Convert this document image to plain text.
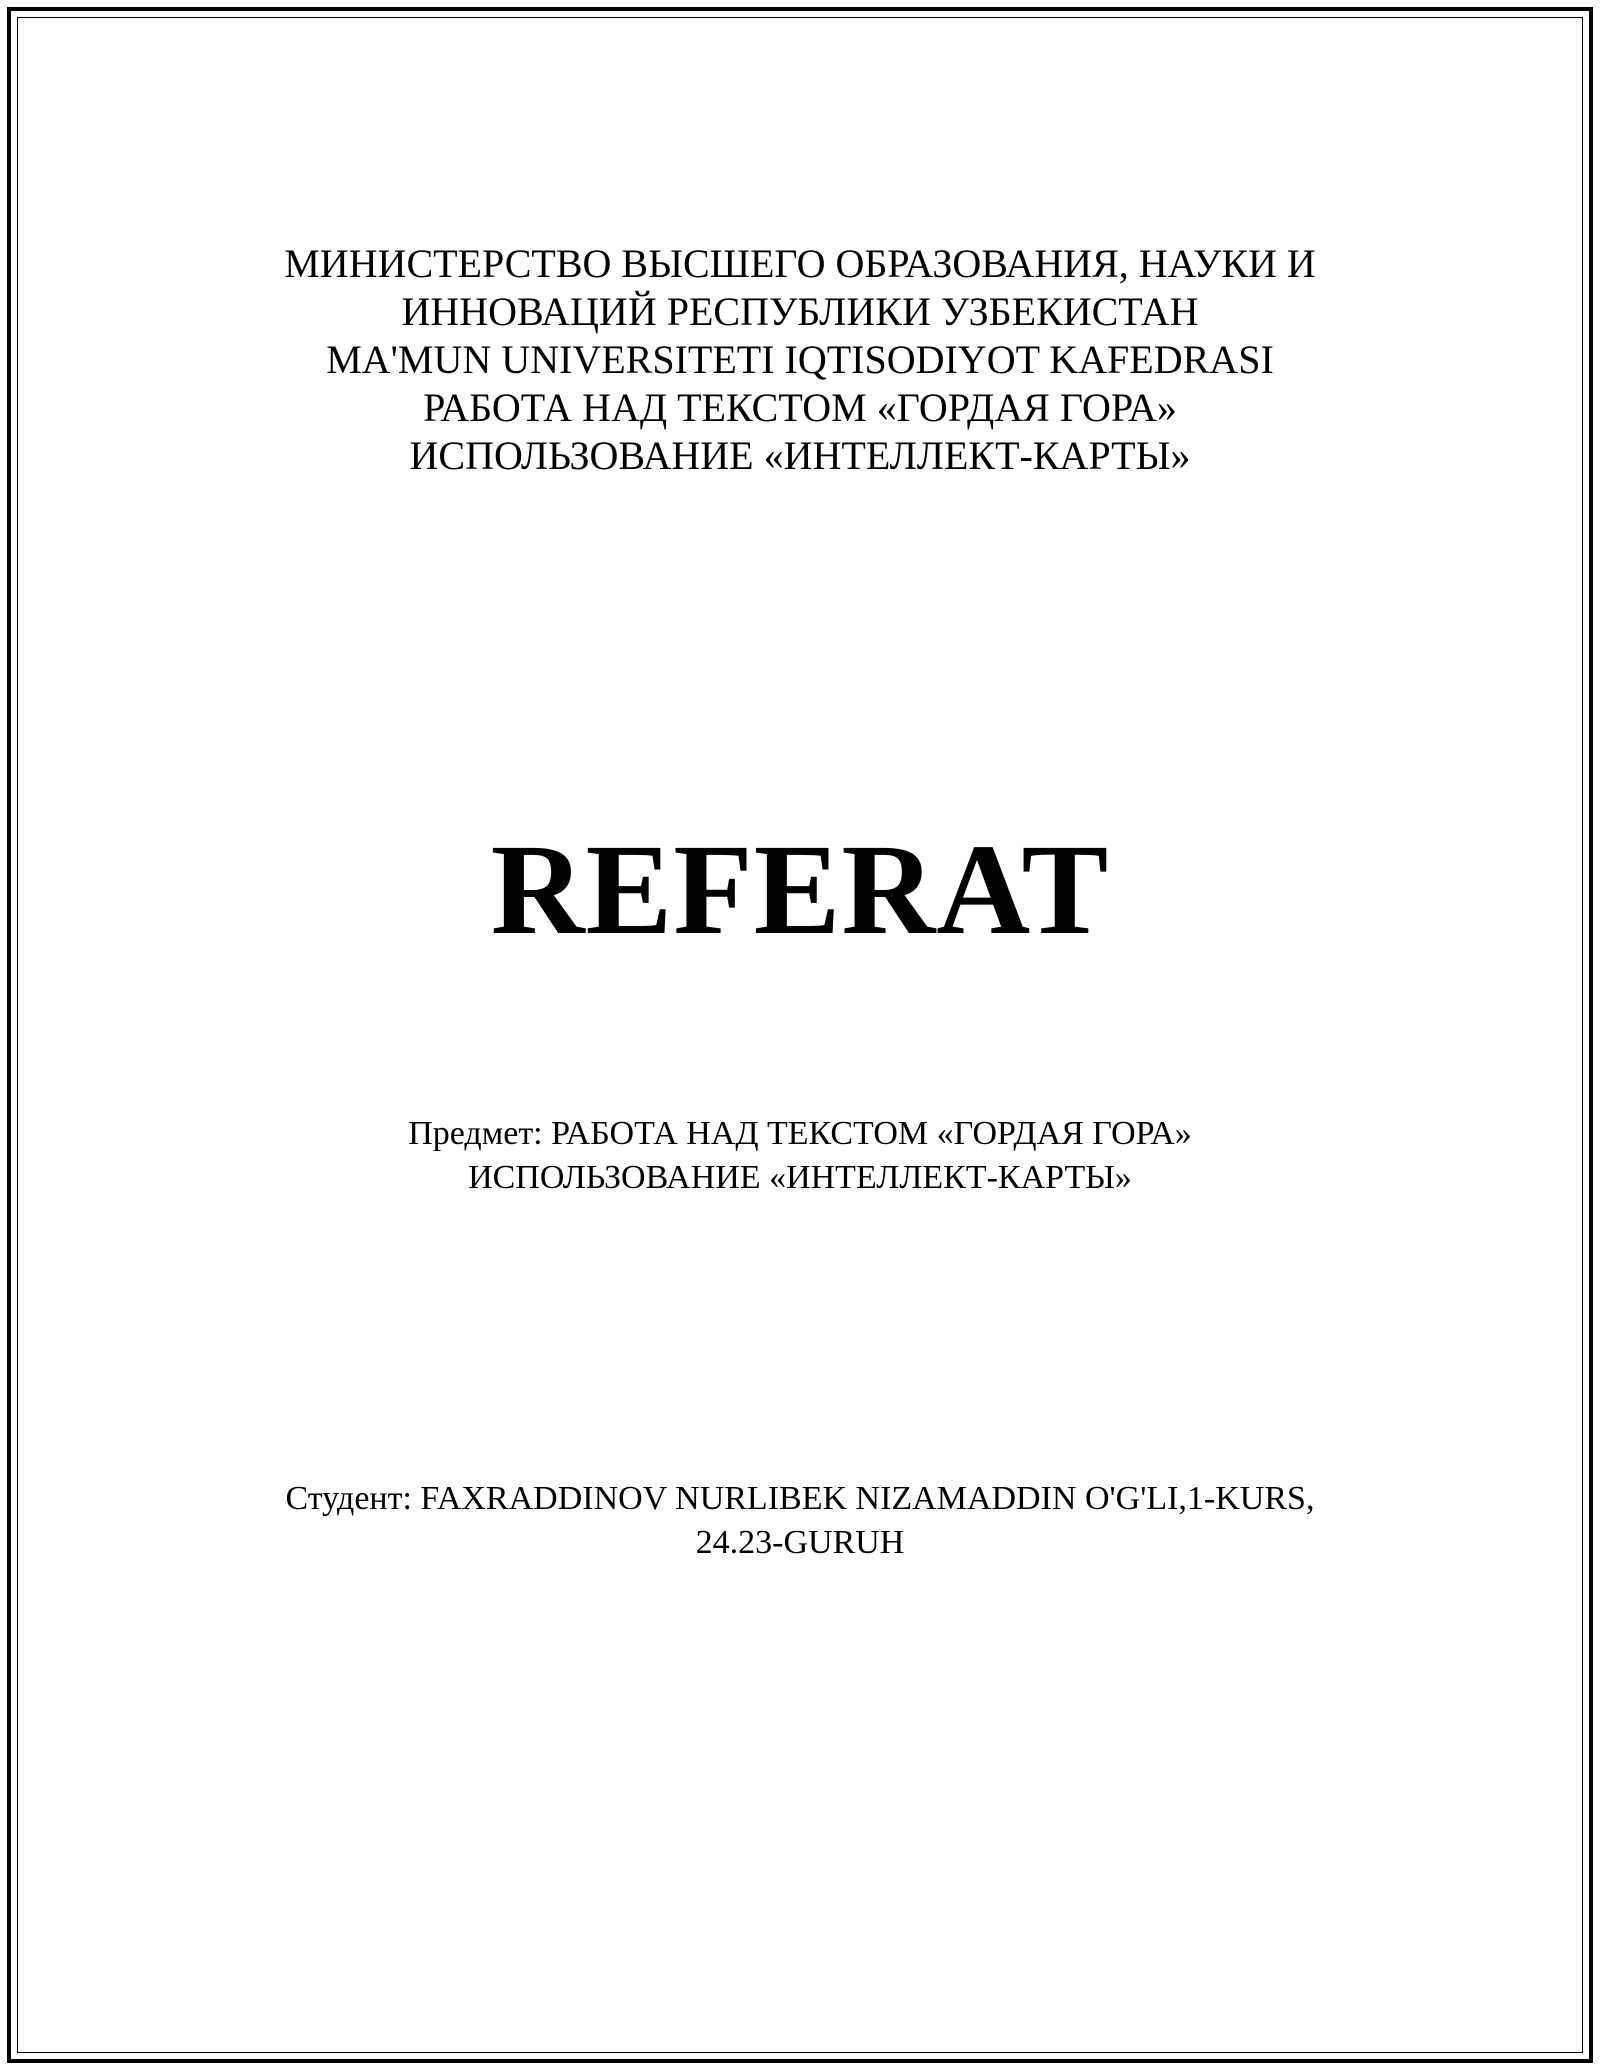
МИНИСТЕРСТВО ВЫСШЕГО ОБРАЗОВАНИЯ, НАУКИ И
ИННОВАЦИЙ РЕСПУБЛИКИ УЗБЕКИСТАН
MA'MUN UNIVERSITETI IQTISODIYOT KAFEDRASI
РАБОТА НАД ТЕКСТОМ «ГОРДАЯ ГОРА»
ИСПОЛЬЗОВАНИЕ «ИНТЕЛЛЕКТ-КАРТЫ»
REFERAT
Предмет: РАБОТА НАД ТЕКСТОМ «ГОРДАЯ ГОРА»
ИСПОЛЬЗОВАНИЕ «ИНТЕЛЛЕКТ-КАРТЫ»
Студент: FAXRADDINOV NURLIBEK NIZAMADDIN O'G'LI,1-KURS,
24.23-GURUH
